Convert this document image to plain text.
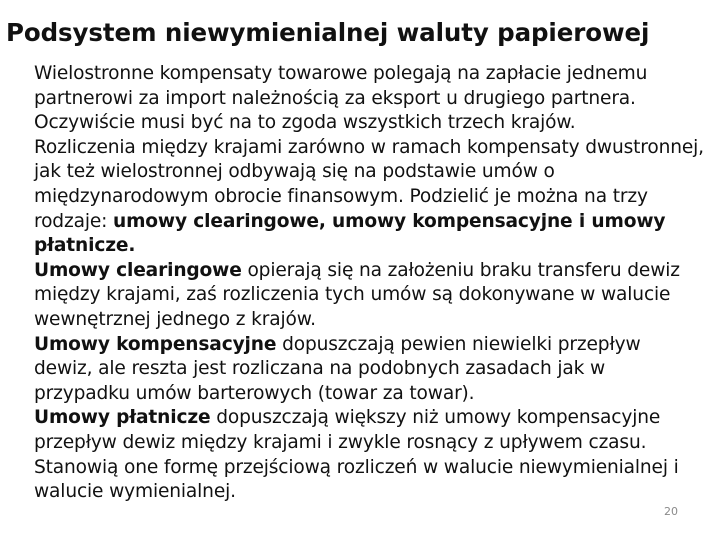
Podsystem niewymienialnej waluty papierowej

Wielostronne kompensaty towarowe polegają na zapłacie jednemu partnerowi za import należnością za eksport u drugiego partnera. Oczywiście musi być na to zgoda wszystkich trzech krajów.

Rozliczenia między krajami zarówno w ramach kompensaty dwustronnej, jak też wielostronnej odbywają się na podstawie umów o międzynarodowym obrocie finansowym. Podzielić je można na trzy rodzaje: umowy clearingowe, umowy kompensacyjne i umowy płatnicze.

Umowy clearingowe opierają się na założeniu braku transferu dewiz między krajami, zaś rozliczenia tych umów są dokonywane w walucie wewnętrznej jednego z krajów.

Umowy kompensacyjne dopuszczają pewien niewielki przepływ dewiz, ale reszta jest rozliczana na podobnych zasadach jak w przypadku umów barterowych (towar za towar).

Umowy płatnicze dopuszczają większy niż umowy kompensacyjne przepływ dewiz między krajami i zwykle rosnący z upływem czasu. Stanowią one formę przejściową rozliczeń w walucie niewymienialnej i walucie wymienialnej.

20
